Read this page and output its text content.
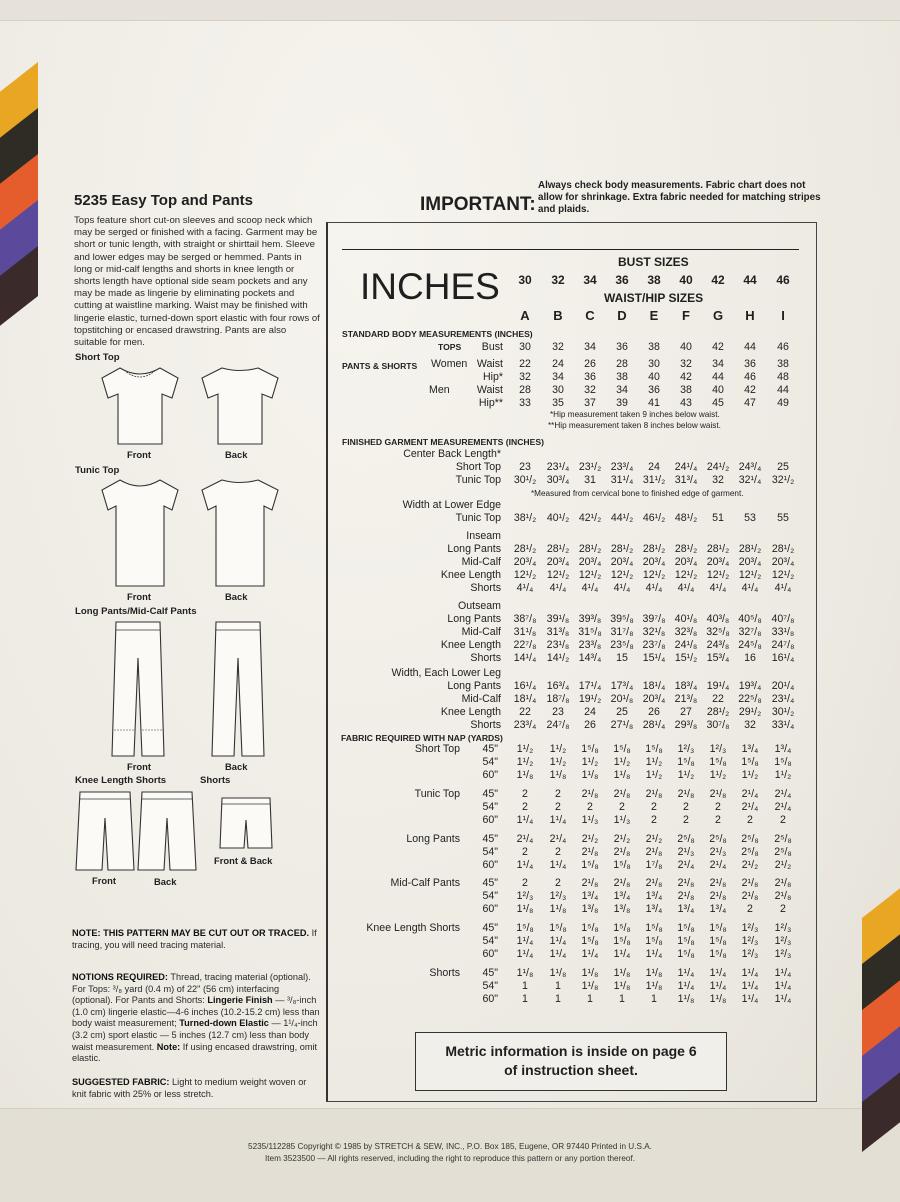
5235 Easy Top and Pants
Tops feature short cut-on sleeves and scoop neck which may be serged or finished with a facing. Garment may be short or tunic length, with straight or shirttail hem. Sleeve and lower edges may be serged or hemmed. Pants in long or mid-calf lengths and shorts in knee length or shorts length have optional side seam pockets and any may be made as lingerie by eliminating pockets and cutting at waistline marking. Waist may be finished with lingerie elastic, turned-down sport elastic with four rows of topstitching or encased drawstring. Pants are also suitable for men.
Short Top
Front	Back
Tunic Top
Front	Back
Long Pants/Mid-Calf Pants
Front	Back
Knee Length Shorts	Shorts
Front	Back
Front & Back
NOTE: THIS PATTERN MAY BE CUT OUT OR TRACED. If tracing, you will need tracing material.
NOTIONS REQUIRED: Thread, tracing material (optional). For Tops: ³/₈ yard (0.4 m) of 22" (56 cm) interfacing (optional). For Pants and Shorts: Lingerie Finish — ³/₈-inch (1.0 cm) lingerie elastic—4-6 inches (10.2-15.2 cm) less than body waist measurement; Turned-down Elastic — 1¹/₄-inch (3.2 cm) sport elastic — 5 inches (12.7 cm) less than body waist measurement. Note: If using encased drawstring, omit elastic.
SUGGESTED FABRIC: Light to medium weight woven or knit fabric with 25% or less stretch.
IMPORTANT:
Always check body measurements. Fabric chart does not allow for shrinkage. Extra fabric needed for matching stripes and plaids.
INCHES
BUST SIZES
WAIST/HIP SIZES
30 32 34 36 38 40 42 44 46
A B C D E F G H I
STANDARD BODY MEASUREMENTS (INCHES)
TOPS
PANTS & SHORTS Women
Men
Bust 30 32 34 36 38 40 42 44 46
Waist 22 24 26 28 30 32 34 36 38
Hip* 32 34 36 38 40 42 44 46 48
Waist 28 30 32 34 36 38 40 42 44
Hip** 33 35 37 39 41 43 45 47 49
*Hip measurement taken 9 inches below waist.
**Hip measurement taken 8 inches below waist.
FINISHED GARMENT MEASUREMENTS (INCHES)
Center Back Length*
Short Top 23 23¹/₄ 23¹/₂ 23³/₄ 24 24¹/₄ 24¹/₂ 24³/₄ 25
Tunic Top 30¹/₂ 30³/₄ 31 31¹/₄ 31¹/₂ 31³/₄ 32 32¹/₄ 32¹/₂
*Measured from cervical bone to finished edge of garment.
Width at Lower Edge
Tunic Top 38¹/₂ 40¹/₂ 42¹/₂ 44¹/₂ 46¹/₂ 48¹/₂ 51 53 55
Inseam
Long Pants 28¹/₂ 28¹/₂ 28¹/₂ 28¹/₂ 28¹/₂ 28¹/₂ 28¹/₂ 28¹/₂ 28¹/₂
Mid-Calf 20³/₄ 20³/₄ 20³/₄ 20³/₄ 20³/₄ 20³/₄ 20³/₄ 20³/₄ 20³/₄
Knee Length 12¹/₂ 12¹/₂ 12¹/₂ 12¹/₂ 12¹/₂ 12¹/₂ 12¹/₂ 12¹/₂ 12¹/₂
Shorts 4¹/₄ 4¹/₄ 4¹/₄ 4¹/₄ 4¹/₄ 4¹/₄ 4¹/₄ 4¹/₄ 4¹/₄
Outseam
Long Pants 38⁷/₈ 39¹/₈ 39³/₈ 39⁵/₈ 39⁷/₈ 40¹/₈ 40³/₈ 40⁵/₈ 40⁷/₈
Mid-Calf 31¹/₈ 31³/₈ 31⁵/₈ 31⁷/₈ 32¹/₈ 32³/₈ 32⁵/₈ 32⁷/₈ 33¹/₈
Knee Length 22⁷/₈ 23¹/₈ 23³/₈ 23⁵/₈ 23⁷/₈ 24¹/₈ 24³/₈ 24⁵/₈ 24⁷/₈
Shorts 14¹/₄ 14¹/₂ 14³/₄ 15 15¹/₄ 15¹/₂ 15³/₄ 16 16¹/₄
Width, Each Lower Leg
Long Pants 16¹/₄ 16³/₄ 17¹/₄ 17³/₄ 18¹/₄ 18³/₄ 19¹/₄ 19³/₄ 20¹/₄
Mid-Calf 18¹/₄ 18⁷/₈ 19¹/₂ 20¹/₈ 20³/₄ 21³/₈ 22 22⁵/₈ 23¹/₄
Knee Length 22 23 24 25 26 27 28¹/₂ 29¹/₂ 30¹/₂
Shorts 23³/₄ 24⁷/₈ 26 27¹/₈ 28¹/₄ 29³/₈ 30⁷/₈ 32 33¹/₄
FABRIC REQUIRED WITH NAP (YARDS)
Short Top 45" 1¹/₂ 1¹/₂ 1⁵/₈ 1⁵/₈ 1⁵/₈ 1²/₃ 1²/₃ 1³/₄ 1³/₄
54" 1¹/₂ 1¹/₂ 1¹/₂ 1¹/₂ 1¹/₂ 1⁵/₈ 1⁵/₈ 1⁵/₈ 1⁵/₈
60" 1¹/₈ 1¹/₈ 1¹/₈ 1¹/₈ 1¹/₂ 1¹/₂ 1¹/₂ 1¹/₂ 1¹/₂
Tunic Top 45" 2	2 2¹/₈ 2¹/₈ 2¹/₈ 2¹/₈ 2¹/₈ 2¹/₄ 2¹/₄
54" 2	2 2 2 2 2 2 2¹/₄ 2¹/₄
60" 1¹/₄ 1¹/₄ 1¹/₃ 1¹/₃ 2 2 2 2	2
Long Pants 45" 2¹/₄ 2¹/₄ 2¹/₂ 2¹/₂ 2¹/₂ 2⁵/₈ 2⁵/₈ 2⁵/₈ 2⁵/₈
54" 2	2 2¹/₈ 2¹/₈ 2¹/₈ 2¹/₃ 2¹/₃ 2⁵/₈ 2⁵/₈
60" 1¹/₄ 1¹/₄ 1⁵/₈ 1⁵/₈ 1⁷/₈ 2¹/₄ 2¹/₄ 2¹/₂ 2¹/₂
Mid-Calf Pants 45" 2	2 2¹/₈ 2¹/₈ 2¹/₈ 2¹/₈ 2¹/₈ 2¹/₈ 2¹/₈
54" 1²/₃ 1²/₃ 1³/₄ 1³/₄ 1³/₄ 2¹/₈ 2¹/₈ 2¹/₈ 2¹/₈
60" 1¹/₈ 1¹/₈ 1³/₈ 1³/₈ 1³/₄ 1³/₄ 1³/₄ 2	2
Knee Length Shorts 45" 1⁵/₈ 1⁵/₈ 1⁵/₈ 1⁵/₈ 1⁵/₈ 1⁵/₈ 1⁵/₈ 1²/₃ 1²/₃
54" 1¹/₄ 1¹/₄ 1⁵/₈ 1⁵/₈ 1⁵/₈ 1⁵/₈ 1⁵/₈ 1²/₃ 1²/₃
60" 1¹/₄ 1¹/₄ 1¹/₄ 1¹/₄ 1¹/₄ 1⁵/₈ 1⁵/₈ 1²/₃ 1²/₃
Shorts 45" 1¹/₈ 1¹/₈ 1¹/₈ 1¹/₈ 1¹/₈ 1¹/₄ 1¹/₄ 1¹/₄ 1¹/₄
54" 1	1 1¹/₈ 1¹/₈ 1¹/₈ 1¹/₄ 1¹/₄ 1¹/₄ 1¹/₄
60" 1	1 1 1 1 1¹/₈ 1¹/₈ 1¹/₄ 1¹/₄
Metric information is inside on page 6
of instruction sheet.
5235/112285 Copyright © 1985 by STRETCH & SEW, INC., P.O. Box 185, Eugene, OR 97440 Printed in U.S.A.
Item 3523500 — All rights reserved, including the right to reproduce this pattern or any portion thereof.
